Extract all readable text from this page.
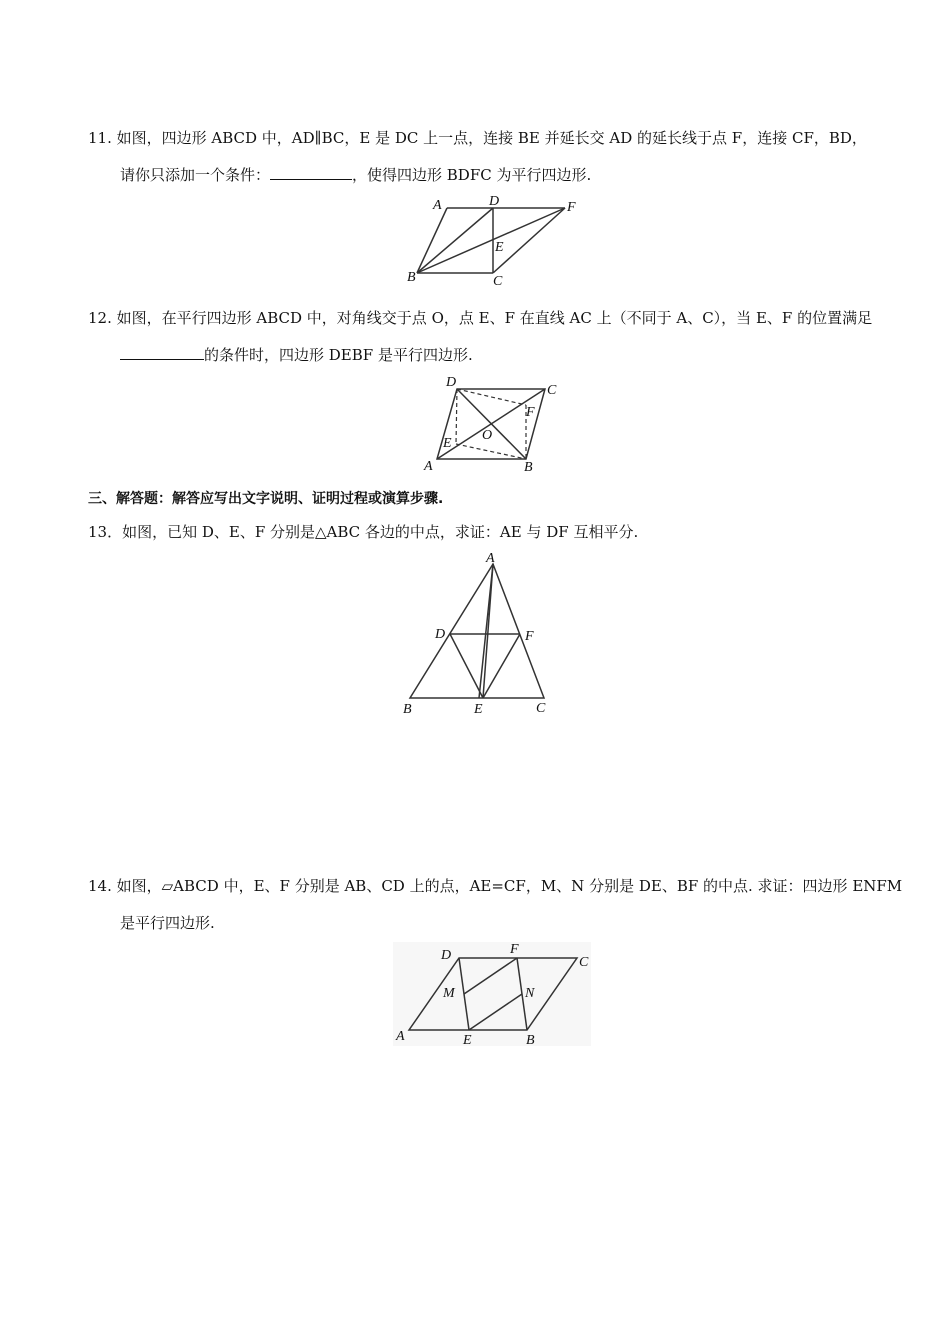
11. 如图，四边形 ABCD 中，AD∥BC，E 是 DC 上一点，连接 BE 并延长交 AD 的延长线于点 F，连接 CF，BD，
请你只添加一个条件：	，使得四边形 BDFC 为平行四边形.
A	D	F
E
B	C
12. 如图，在平行四边形 ABCD 中，对角线交于点 O，点 E、F 在直线 AC 上（不同于 A、C），当 E、F 的位置满足
的条件时，四边形 DEBF 是平行四边形.
D
C
F
O
E
A	B
三、解答题：解答应写出文字说明、证明过程或演算步骤.
13．如图，已知 D、E、F 分别是△ABC 各边的中点，求证：AE 与 DF 互相平分.
A
D	F
B	E	C
14. 如图，▱ABCD 中，E、F 分别是 AB、CD 上的点，AE=CF，M、N 分别是 DE、BF 的中点. 求证：四边形 ENFM
是平行四边形.
D	F
C
M	N
A	E	B
